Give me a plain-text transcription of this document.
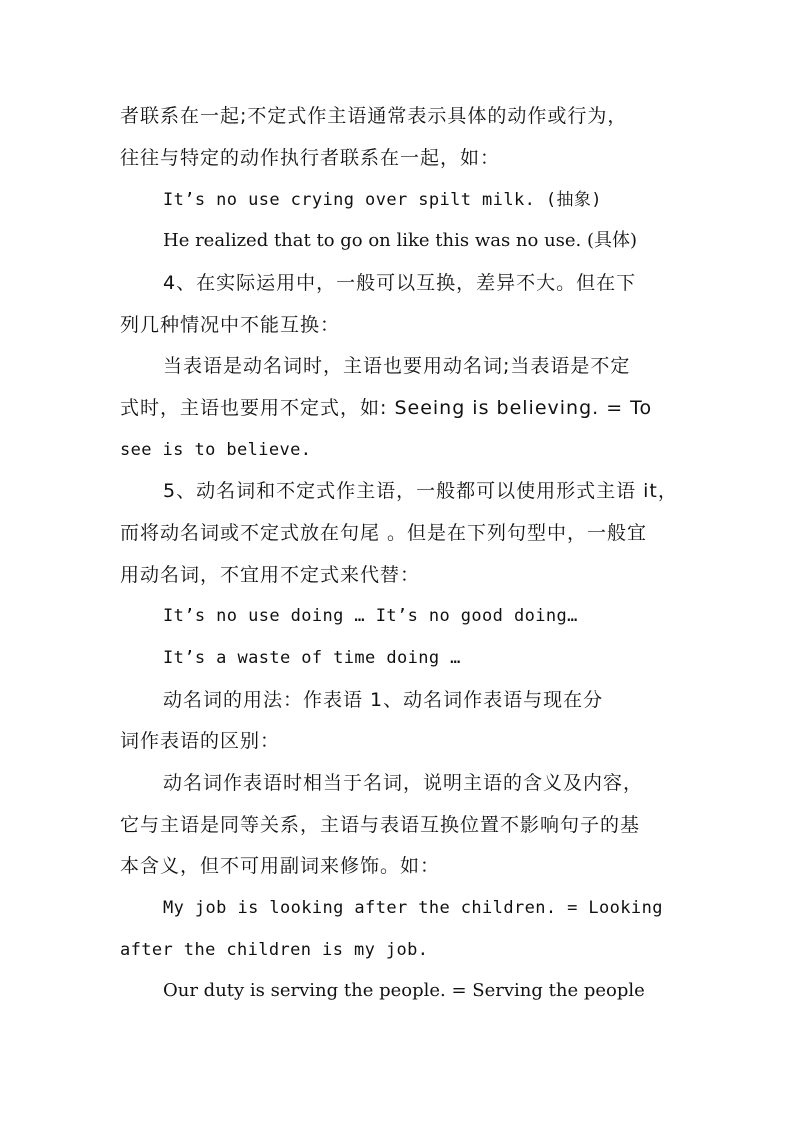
者联系在一起;不定式作主语通常表示具体的动作或行为，
往往与特定的动作执行者联系在一起，如：
It’s no use crying over spilt milk. (抽象)
He realized that to go on like this was no use. (具体)
4、在实际运用中，一般可以互换，差异不大。但在下
列几种情况中不能互换：
当表语是动名词时，主语也要用动名词;当表语是不定
式时，主语也要用不定式，如: Seeing is believing. = To
see is to believe.
5、动名词和不定式作主语，一般都可以使用形式主语 it，
而将动名词或不定式放在句尾 。但是在下列句型中，一般宜
用动名词，不宜用不定式来代替：
It’s no use doing … It’s no good doing…
It’s a waste of time doing …
动名词的用法：作表语 1、动名词作表语与现在分
词作表语的区别：
动名词作表语时相当于名词，说明主语的含义及内容，
它与主语是同等关系，主语与表语互换位置不影响句子的基
本含义，但不可用副词来修饰。如：
My job is looking after the children. = Looking
after the children is my job.
Our duty is serving the people. = Serving the people
